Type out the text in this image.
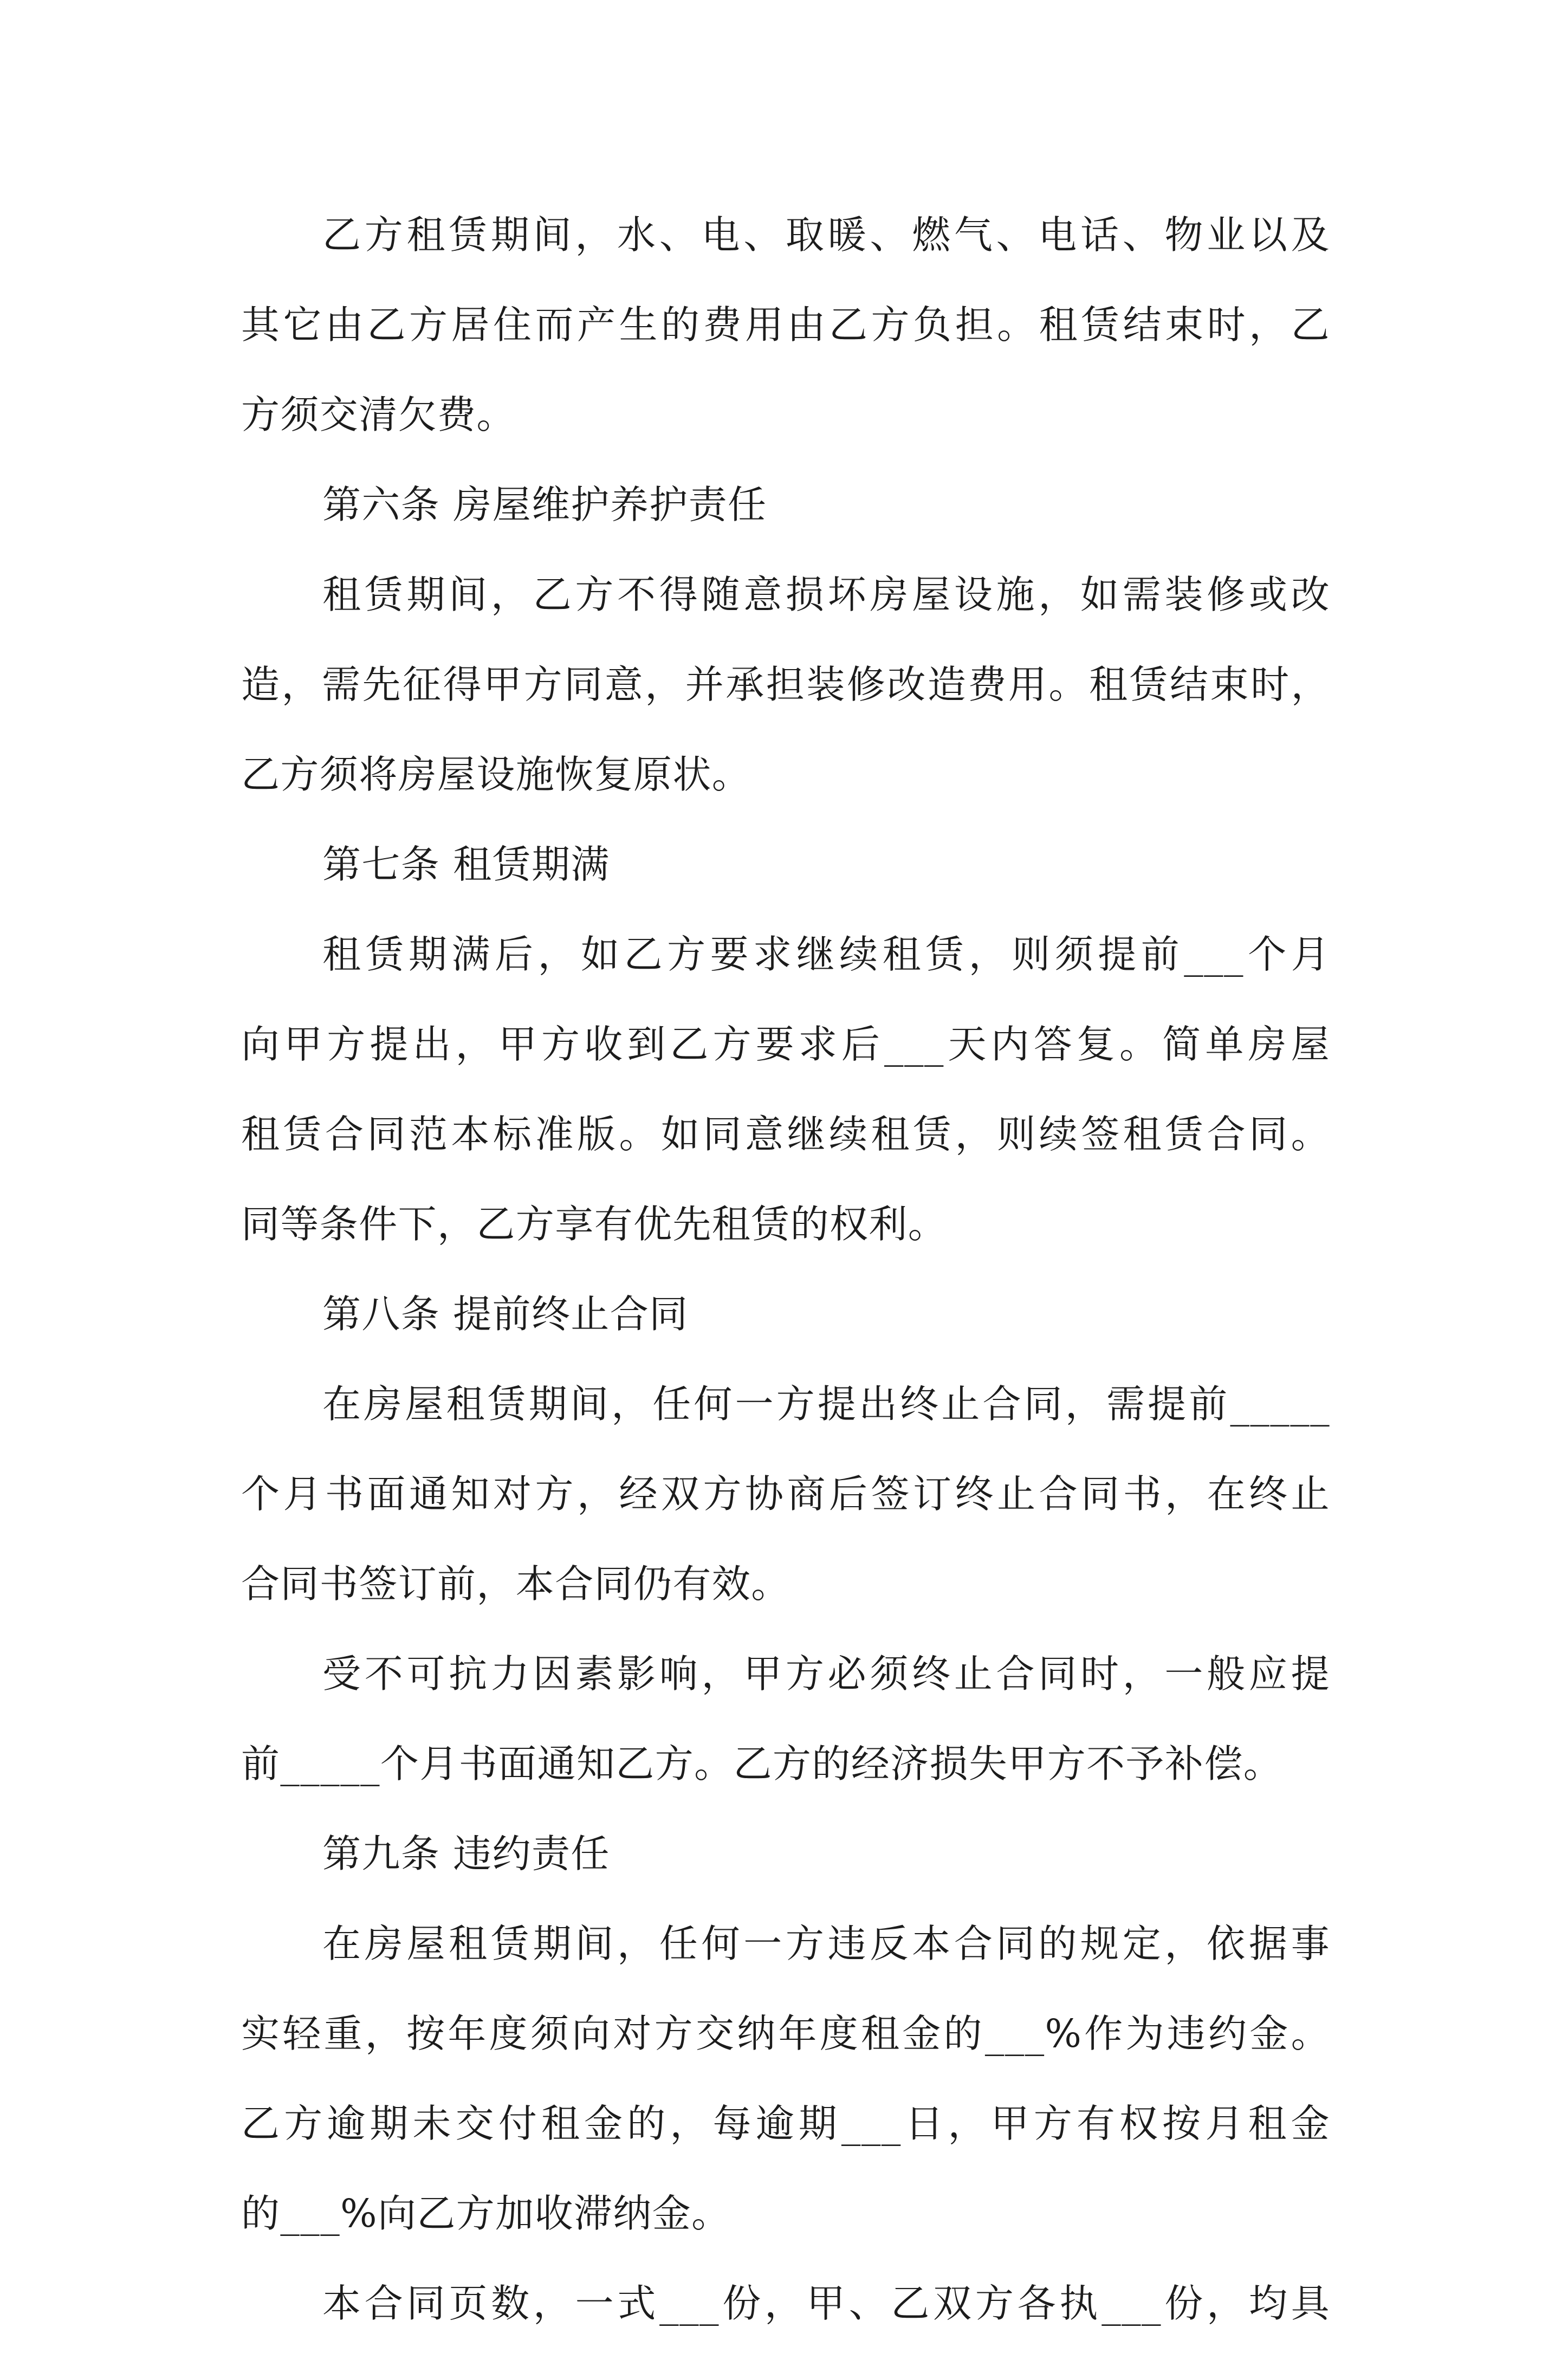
乙方租赁期间，水、电、取暖、燃气、电话、物业以及
其它由乙方居住而产生的费用由乙方负担。租赁结束时，乙
方须交清欠费。
第六条 房屋维护养护责任
租赁期间，乙方不得随意损坏房屋设施，如需装修或改
造，需先征得甲方同意，并承担装修改造费用。租赁结束时，
乙方须将房屋设施恢复原状。
第七条 租赁期满
租赁期满后，如乙方要求继续租赁，则须提前___个月
向甲方提出，甲方收到乙方要求后___天内答复。简单房屋
租赁合同范本标准版。如同意继续租赁，则续签租赁合同。
同等条件下，乙方享有优先租赁的权利。
第八条 提前终止合同
在房屋租赁期间，任何一方提出终止合同，需提前_____
个月书面通知对方，经双方协商后签订终止合同书，在终止
合同书签订前，本合同仍有效。
受不可抗力因素影响，甲方必须终止合同时，一般应提
前_____个月书面通知乙方。乙方的经济损失甲方不予补偿。
第九条 违约责任
在房屋租赁期间，任何一方违反本合同的规定，依据事
实轻重，按年度须向对方交纳年度租金的___%作为违约金。
乙方逾期未交付租金的，每逾期___日，甲方有权按月租金
的___%向乙方加收滞纳金。
本合同页数，一式___份，甲、乙双方各执___份，均具
